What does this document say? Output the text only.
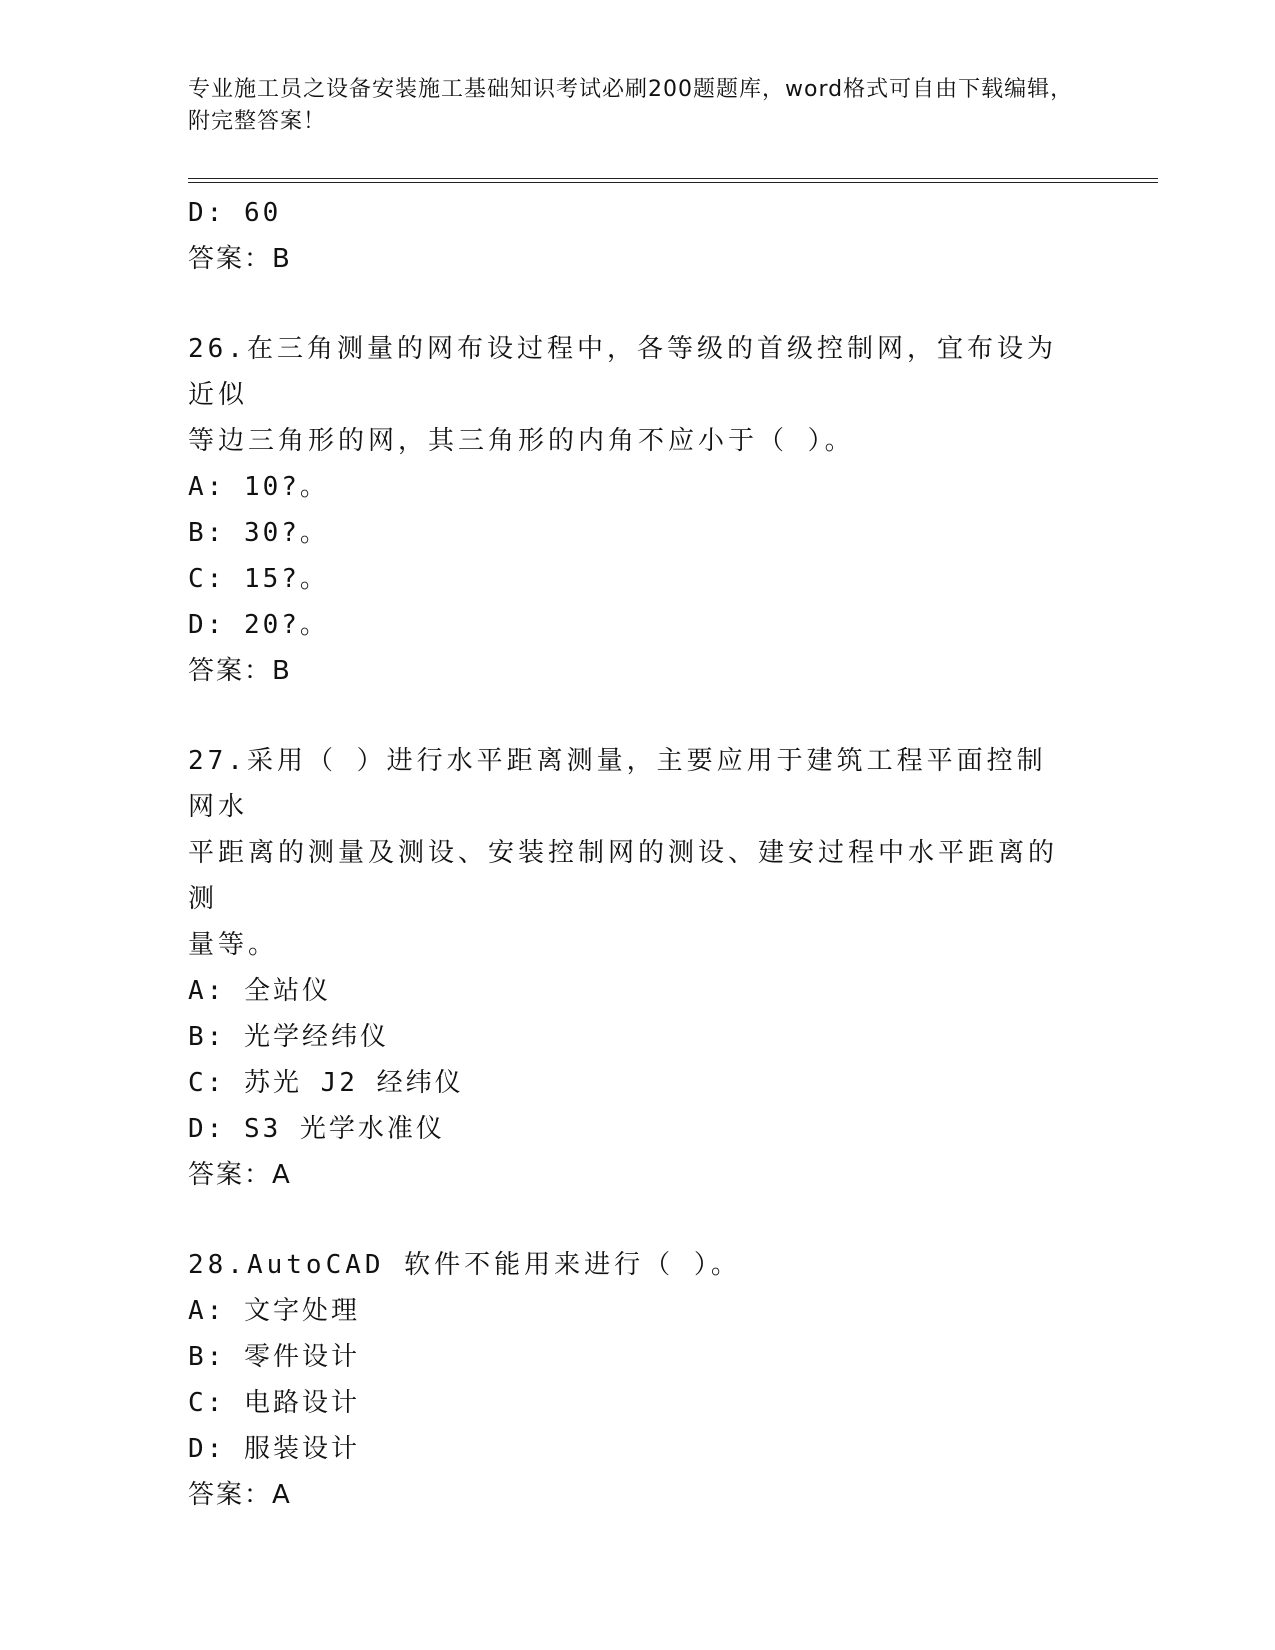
专业施工员之设备安装施工基础知识考试必刷200题题库，word格式可自由下载编辑，附完整答案！
D: 60
答案：B
26.在三角测量的网布设过程中，各等级的首级控制网，宜布设为近似
等边三角形的网，其三角形的内角不应小于（ ）。
A: 10?。
B: 30?。
C: 15?。
D: 20?。
答案：B
27.采用（ ）进行水平距离测量，主要应用于建筑工程平面控制网水
平距离的测量及测设、安装控制网的测设、建安过程中水平距离的测
量等。
A: 全站仪
B: 光学经纬仪
C: 苏光 J2 经纬仪
D: S3 光学水准仪
答案：A
28.AutoCAD 软件不能用来进行（ ）。
A: 文字处理
B: 零件设计
C: 电路设计
D: 服装设计
答案：A
